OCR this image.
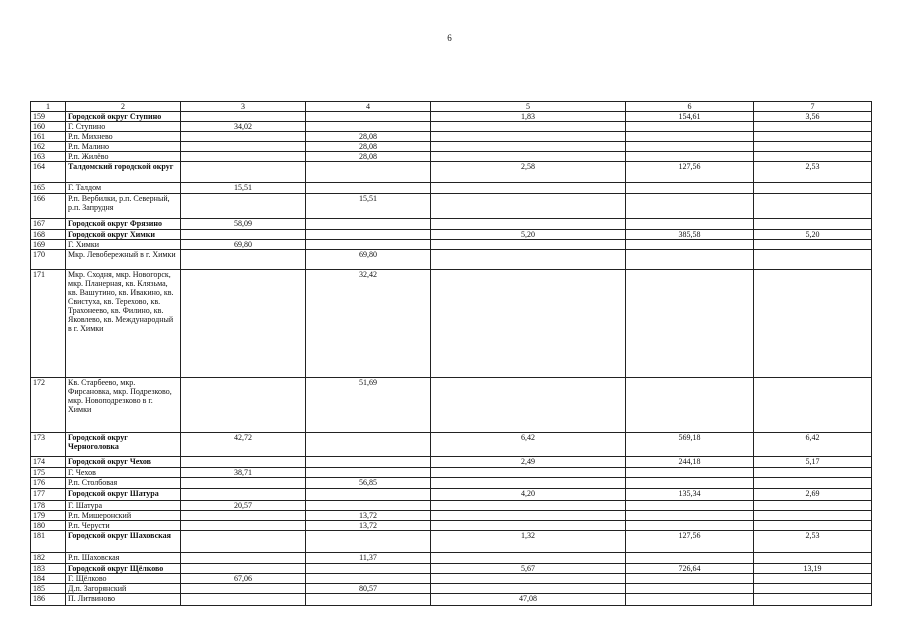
6
1	2	3	4	5	6	7
159	Городской округ Ступино			1,83	154,61	3,56
160	Г. Ступино	34,02				
161	Р.п. Михнево		28,08			
162	Р.п. Малино		28,08			
163	Р.п. Жилёво		28,08			
164	Талдомский городской округ			2,58	127,56	2,53
165	Г. Талдом	15,51				
166	Р.п. Вербилки, р.п. Северный, р.п. Запрудня		15,51			
167	Городской округ Фрязино	58,09				
168	Городской округ Химки			5,20	385,58	5,20
169	Г. Химки	69,80				
170	Мкр. Левобережный в г. Химки		69,80			
171	Мкр. Сходня, мкр. Новогорск, мкр. Планерная, кв. Клязьма, кв. Вашутино, кв. Ивакино, кв. Свистуха, кв. Терехово, кв. Трахонеево, кв. Филино, кв. Яковлево, кв. Международный в г. Химки		32,42			
172	Кв. Старбеево, мкр. Фирсановка, мкр. Подрезково, мкр. Новоподрезково в г. Химки		51,69			
173	Городской округ Черноголовка	42,72		6,42	569,18	6,42
174	Городской округ Чехов			2,49	244,18	5,17
175	Г. Чехов	38,71				
176	Р.п. Столбовая		56,85			
177	Городской округ Шатура			4,20	135,34	2,69
178	Г. Шатура	20,57				
179	Р.п. Мишеронский		13,72			
180	Р.п. Черусти		13,72			
181	Городской округ Шаховская			1,32	127,56	2,53
182	Р.п. Шаховская		11,37			
183	Городской округ Щёлково			5,67	726,64	13,19
184	Г. Щёлково	67,06				
185	Д.п. Загорянский		80,57			
186	П. Литвиново			47,08		
